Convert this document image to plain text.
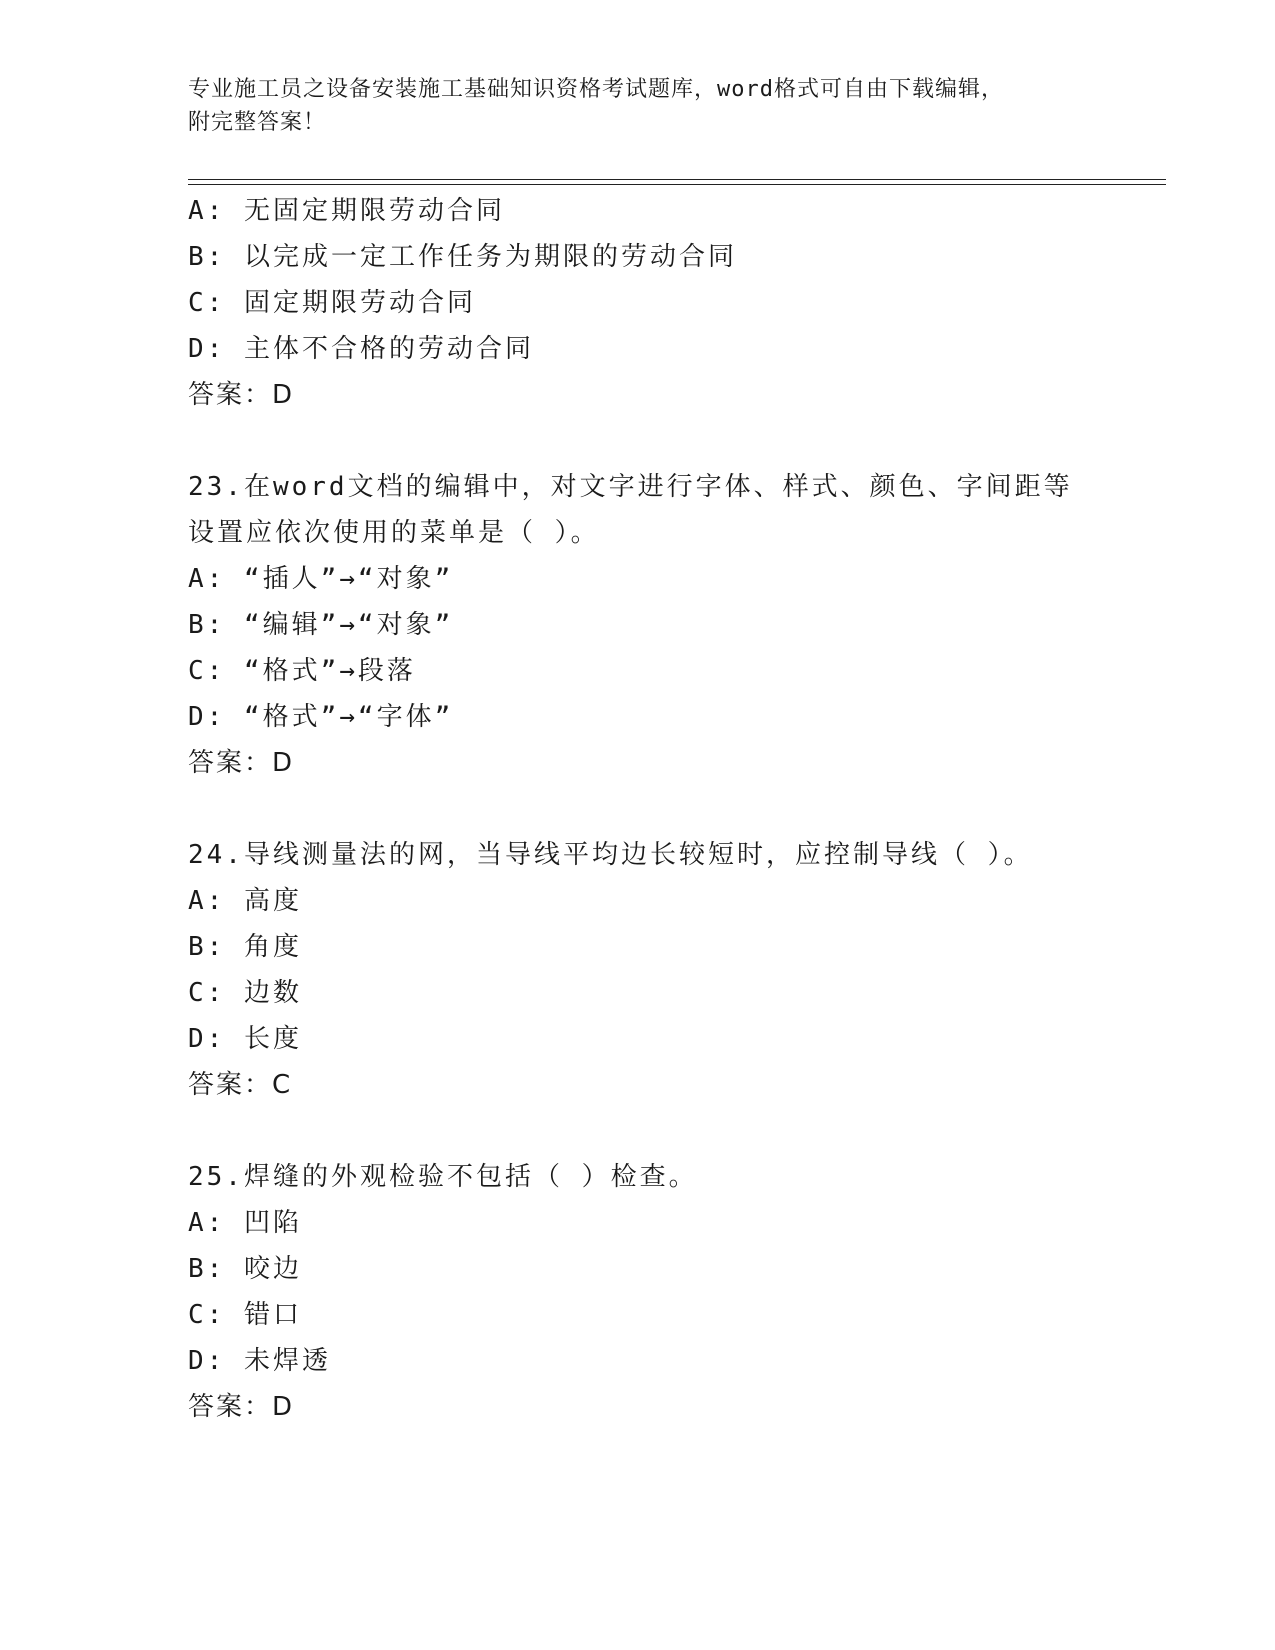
专业施工员之设备安装施工基础知识资格考试题库，word格式可自由下载编辑，
附完整答案！
A: 无固定期限劳动合同
B: 以完成一定工作任务为期限的劳动合同
C: 固定期限劳动合同
D: 主体不合格的劳动合同
答案：D
23.在word文档的编辑中，对文字进行字体、样式、颜色、字间距等
设置应依次使用的菜单是（ ）。
A: “插人”→“对象”
B: “编辑”→“对象”
C: “格式”→段落
D: “格式”→“字体”
答案：D
24.导线测量法的网，当导线平均边长较短时，应控制导线（ ）。
A: 高度
B: 角度
C: 边数
D: 长度
答案：C
25.焊缝的外观检验不包括（ ）检查。
A: 凹陷
B: 咬边
C: 错口
D: 未焊透
答案：D
